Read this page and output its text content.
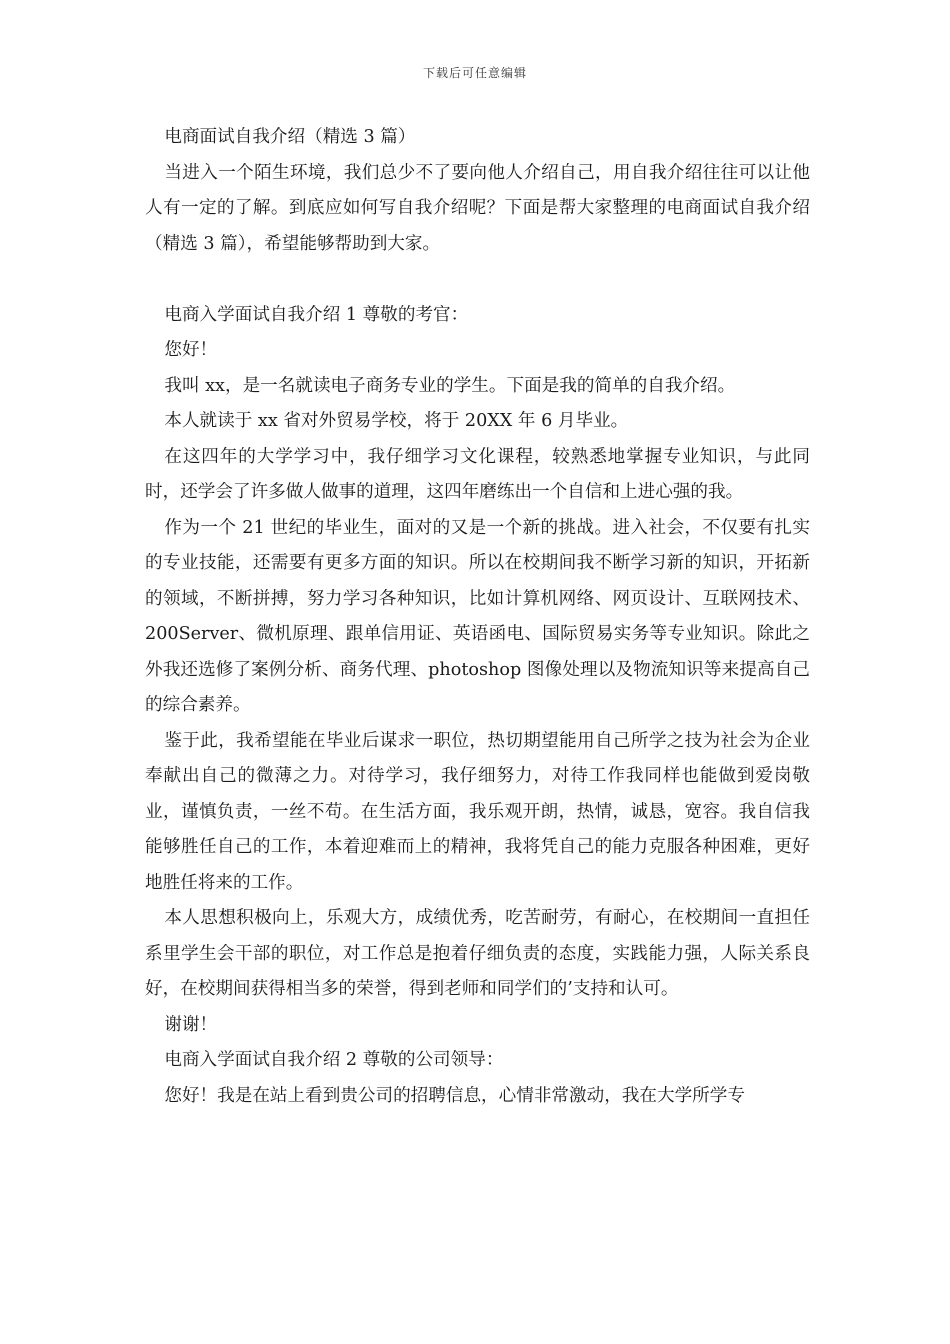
下载后可任意编辑

电商面试自我介绍（精选 3 篇）

当进入一个陌生环境，我们总少不了要向他人介绍自己，用自我介绍往往可以让他人有一定的了解。到底应如何写自我介绍呢？下面是帮大家整理的电商面试自我介绍（精选 3 篇），希望能够帮助到大家。

电商入学面试自我介绍 1 尊敬的考官：

您好！

我叫 xx，是一名就读电子商务专业的学生。下面是我的简单的自我介绍。

本人就读于 xx 省对外贸易学校，将于 20XX 年 6 月毕业。

在这四年的大学学习中，我仔细学习文化课程，较熟悉地掌握专业知识，与此同时，还学会了许多做人做事的道理，这四年磨练出一个自信和上进心强的我。

作为一个 21 世纪的毕业生，面对的又是一个新的挑战。进入社会，不仅要有扎实的专业技能，还需要有更多方面的知识。所以在校期间我不断学习新的知识，开拓新的领域，不断拼搏，努力学习各种知识，比如计算机网络、网页设计、互联网技术、200Server、微机原理、跟单信用证、英语函电、国际贸易实务等专业知识。除此之外我还选修了案例分析、商务代理、photoshop 图像处理以及物流知识等来提高自己的综合素养。

鉴于此，我希望能在毕业后谋求一职位，热切期望能用自己所学之技为社会为企业奉献出自己的微薄之力。对待学习，我仔细努力，对待工作我同样也能做到爱岗敬业，谨慎负责，一丝不苟。在生活方面，我乐观开朗，热情，诚恳，宽容。我自信我能够胜任自己的工作，本着迎难而上的精神，我将凭自己的能力克服各种困难，更好地胜任将来的工作。

本人思想积极向上，乐观大方，成绩优秀，吃苦耐劳，有耐心，在校期间一直担任系里学生会干部的职位，对工作总是抱着仔细负责的态度，实践能力强，人际关系良好，在校期间获得相当多的荣誉，得到老师和同学们的’支持和认可。

谢谢！

电商入学面试自我介绍 2 尊敬的公司领导：

您好！我是在站上看到贵公司的招聘信息，心情非常激动，我在大学所学专
